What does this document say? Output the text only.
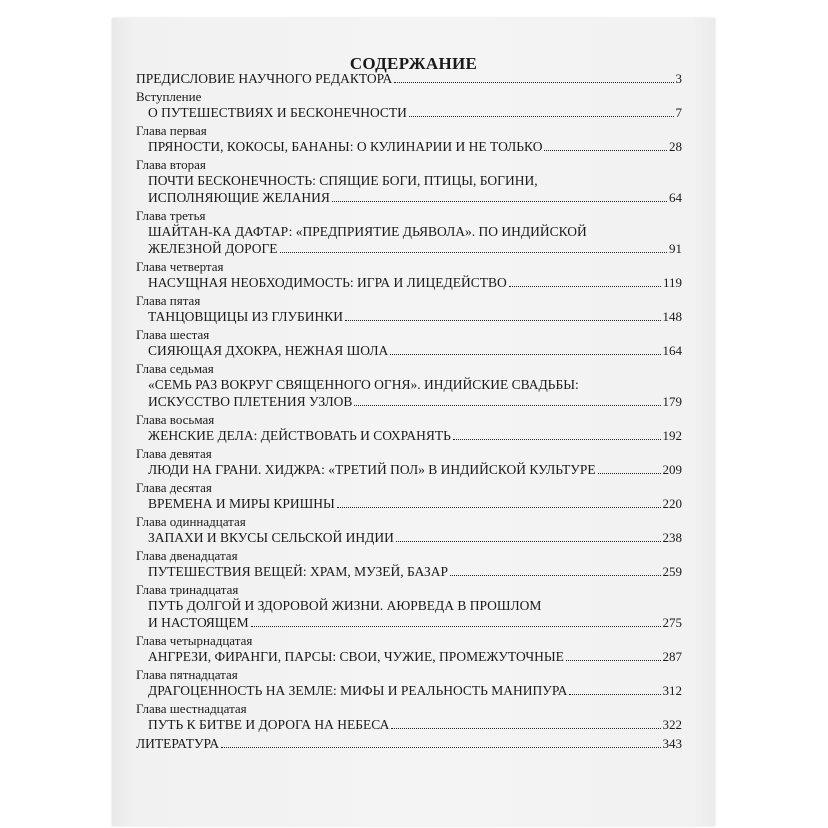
СОДЕРЖАНИЕ
ПРЕДИСЛОВИЕ НАУЧНОГО РЕДАКТОРА	3
Вступление
О ПУТЕШЕСТВИЯХ И БЕСКОНЕЧНОСТИ	7
Глава первая
ПРЯНОСТИ, КОКОСЫ, БАНАНЫ: О КУЛИНАРИИ И НЕ ТОЛЬКО	28
Глава вторая
ПОЧТИ БЕСКОНЕЧНОСТЬ: СПЯЩИЕ БОГИ, ПТИЦЫ, БОГИНИ,
ИСПОЛНЯЮЩИЕ ЖЕЛАНИЯ	64
Глава третья
ШАЙТАН-КА ДАФТАР: «ПРЕДПРИЯТИЕ ДЬЯВОЛА». ПО ИНДИЙСКОЙ
ЖЕЛЕЗНОЙ ДОРОГЕ	91
Глава четвертая
НАСУЩНАЯ НЕОБХОДИМОСТЬ: ИГРА И ЛИЦЕДЕЙСТВО	119
Глава пятая
ТАНЦОВЩИЦЫ ИЗ ГЛУБИНКИ	148
Глава шестая
СИЯЮЩАЯ ДХОКРА, НЕЖНАЯ ШОЛА	164
Глава седьмая
«СЕМЬ РАЗ ВОКРУГ СВЯЩЕННОГО ОГНЯ». ИНДИЙСКИЕ СВАДЬБЫ:
ИСКУССТВО ПЛЕТЕНИЯ УЗЛОВ	179
Глава восьмая
ЖЕНСКИЕ ДЕЛА: ДЕЙСТВОВАТЬ И СОХРАНЯТЬ	192
Глава девятая
ЛЮДИ НА ГРАНИ. ХИДЖРА: «ТРЕТИЙ ПОЛ» В ИНДИЙСКОЙ КУЛЬТУРЕ	209
Глава десятая
ВРЕМЕНА И МИРЫ КРИШНЫ	220
Глава одиннадцатая
ЗАПАХИ И ВКУСЫ СЕЛЬСКОЙ ИНДИИ	238
Глава двенадцатая
ПУТЕШЕСТВИЯ ВЕЩЕЙ: ХРАМ, МУЗЕЙ, БАЗАР	259
Глава тринадцатая
ПУТЬ ДОЛГОЙ И ЗДОРОВОЙ ЖИЗНИ. АЮРВЕДА В ПРОШЛОМ
И НАСТОЯЩЕМ	275
Глава четырнадцатая
АНГРЕЗИ, ФИРАНГИ, ПАРСЫ: СВОИ, ЧУЖИЕ, ПРОМЕЖУТОЧНЫЕ	287
Глава пятнадцатая
ДРАГОЦЕННОСТЬ НА ЗЕМЛЕ: МИФЫ И РЕАЛЬНОСТЬ МАНИПУРА	312
Глава шестнадцатая
ПУТЬ К БИТВЕ И ДОРОГА НА НЕБЕСА	322
ЛИТЕРАТУРА	343
